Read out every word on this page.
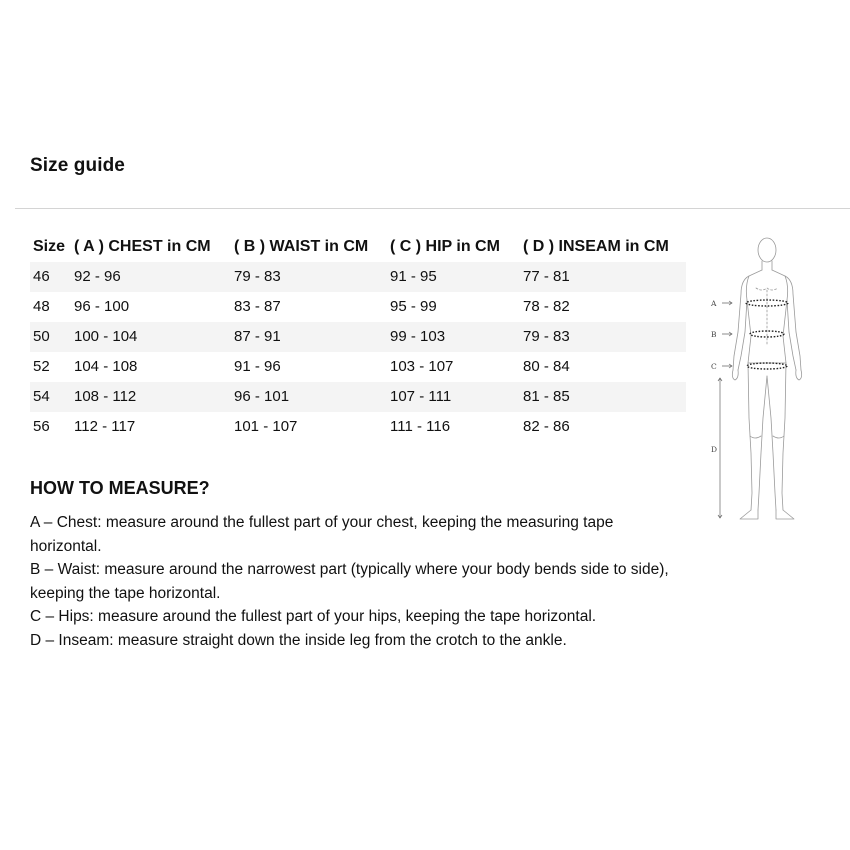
Size guide
Size	( A ) CHEST in CM	( B ) WAIST in CM	( C ) HIP in CM	( D ) INSEAM in CM
46	92 - 96	79 - 83	91 - 95	77 - 81
48	96 - 100	83 - 87	95 - 99	78 - 82
50	100 - 104	87 - 91	99 - 103	79 - 83
52	104 - 108	91 - 96	103 - 107	80 - 84
54	108 - 112	96 - 101	107 - 111	81 - 85
56	112 - 117	101 - 107	111 - 116	82 - 86
HOW TO MEASURE?

A – Chest: measure around the fullest part of your chest, keeping the measuring tape horizontal.

B – Waist: measure around the narrowest part (typically where your body bends side to side), keeping the tape horizontal.

C – Hips: measure around the fullest part of your hips, keeping the tape horizontal.

D – Inseam: measure straight down the inside leg from the crotch to the ankle.

A
B
C
D
